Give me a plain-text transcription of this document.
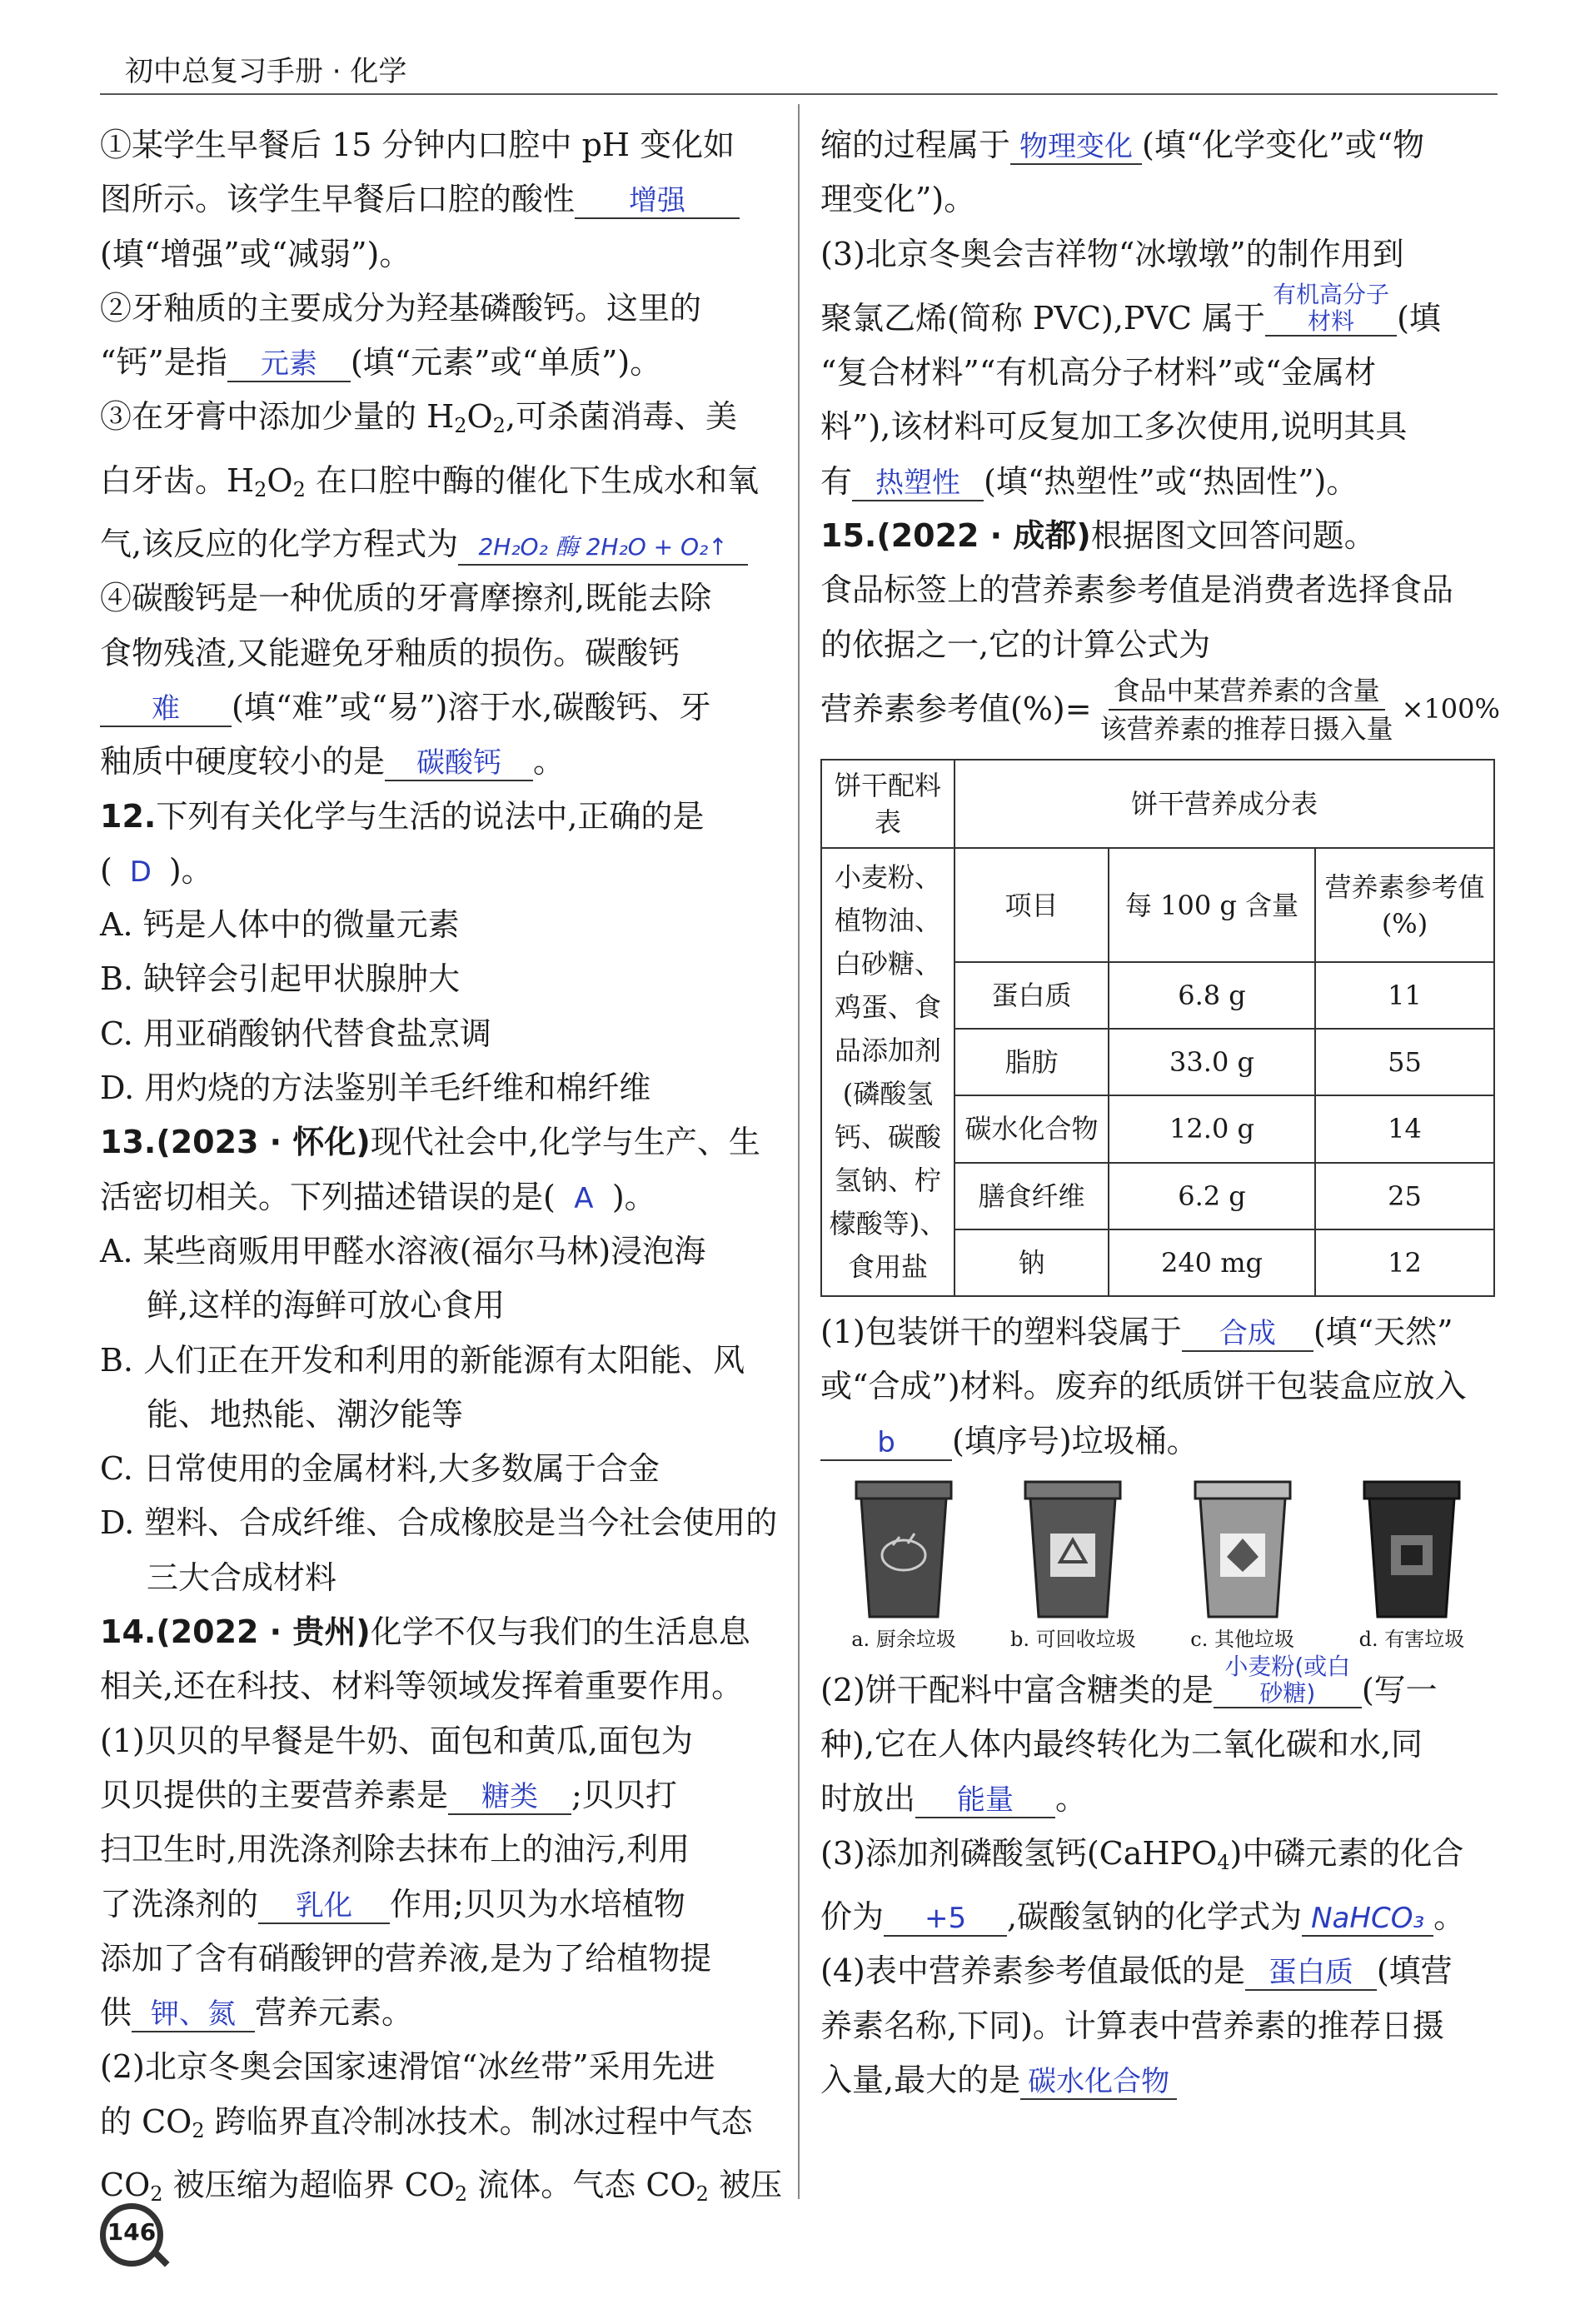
初中总复习手册 · 化学

①某学生早餐后 15 分钟内口腔中 pH 变化如

图所示。该学生早餐后口腔的酸性 增强

(填“增强”或“减弱”)。

②牙釉质的主要成分为羟基磷酸钙。这里的

“钙”是指 元素 (填“元素”或“单质”)。

③在牙膏中添加少量的 $H_2O_2$,可杀菌消毒、美

白牙齿。$H_2O_2$ 在口腔中酶的催化下生成水和氧

气,该反应的化学方程式为 2H₂O₂ 酶 2H₂O + O₂↑

④碳酸钙是一种优质的牙膏摩擦剂,既能去除

食物残渣,又能避免牙釉质的损伤。碳酸钙

难 (填“难”或“易”)溶于水,碳酸钙、牙

釉质中硬度较小的是 碳酸钙 。

12.下列有关化学与生活的说法中,正确的是

( D )。

A. 钙是人体中的微量元素

B. 缺锌会引起甲状腺肿大

C. 用亚硝酸钠代替食盐烹调

D. 用灼烧的方法鉴别羊毛纤维和棉纤维

13.(2023 · 怀化)现代社会中,化学与生产、生

活密切相关。下列描述错误的是( A )。

A. 某些商贩用甲醛水溶液(福尔马林)浸泡海

鲜,这样的海鲜可放心食用

B. 人们正在开发和利用的新能源有太阳能、风

能、地热能、潮汐能等

C. 日常使用的金属材料,大多数属于合金

D. 塑料、合成纤维、合成橡胶是当今社会使用的

三大合成材料

14.(2022 · 贵州)化学不仅与我们的生活息息

相关,还在科技、材料等领域发挥着重要作用。

(1)贝贝的早餐是牛奶、面包和黄瓜,面包为

贝贝提供的主要营养素是 糖类 ;贝贝打

扫卫生时,用洗涤剂除去抹布上的油污,利用

了洗涤剂的 乳化 作用;贝贝为水培植物

添加了含有硝酸钾的营养液,是为了给植物提

供 钾、氮 营养元素。

(2)北京冬奥会国家速滑馆“冰丝带”采用先进

的 $CO_2$ 跨临界直冷制冰技术。制冰过程中气态

$CO_2$ 被压缩为超临界 $CO_2$ 流体。气态 $CO_2$ 被压

缩的过程属于 物理变化 (填“化学变化”或“物

理变化”)。

(3)北京冬奥会吉祥物“冰墩墩”的制作用到

聚氯乙烯(简称 PVC),PVC 属于有机高分子材料 (填

“复合材料”“有机高分子材料”或“金属材

料”),该材料可反复加工多次使用,说明其具

有 热塑性 (填“热塑性”或“热固性”)。

15.(2022 · 成都)根据图文回答问题。

食品标签上的营养素参考值是消费者选择食品

的依据之一,它的计算公式为

营养素参考值(%)= $\frac{\text{食品中某营养素的含量}}{\text{该营养素的推荐日摄入量}} \times 100\%$
饼干配料表	饼干营养成分表		
小麦粉、植物油、白砂糖、鸡蛋、食品添加剂(磷酸氢钙、碳酸氢钠、柠檬酸等)、食用盐	项目	每 100 g 含量	营养素参考值(%)
	蛋白质	6.8 g	11
	脂肪	33.0 g	55
	碳水化合物	12.0 g	14
	膳食纤维	6.2 g	25
	钠	240 mg	12

(1)包装饼干的塑料袋属于 合成 (填“天然”

或“合成”)材料。废弃的纸质饼干包装盒应放入

b (填序号)垃圾桶。

a. 厨余垃圾	b. 可回收垃圾	c. 其他垃圾	d. 有害垃圾

(2)饼干配料中富含糖类的是小麦粉(或白砂糖) (写一

种),它在人体内最终转化为二氧化碳和水,同

时放出 能量 。

(3)添加剂磷酸氢钙(CaHPO$_4$)中磷元素的化合

价为 +5 ,碳酸氢钠的化学式为 NaHCO₃ 。

(4)表中营养素参考值最低的是 蛋白质 (填营

养素名称,下同)。计算表中营养素的推荐日摄

入量,最大的是 碳水化合物

146
